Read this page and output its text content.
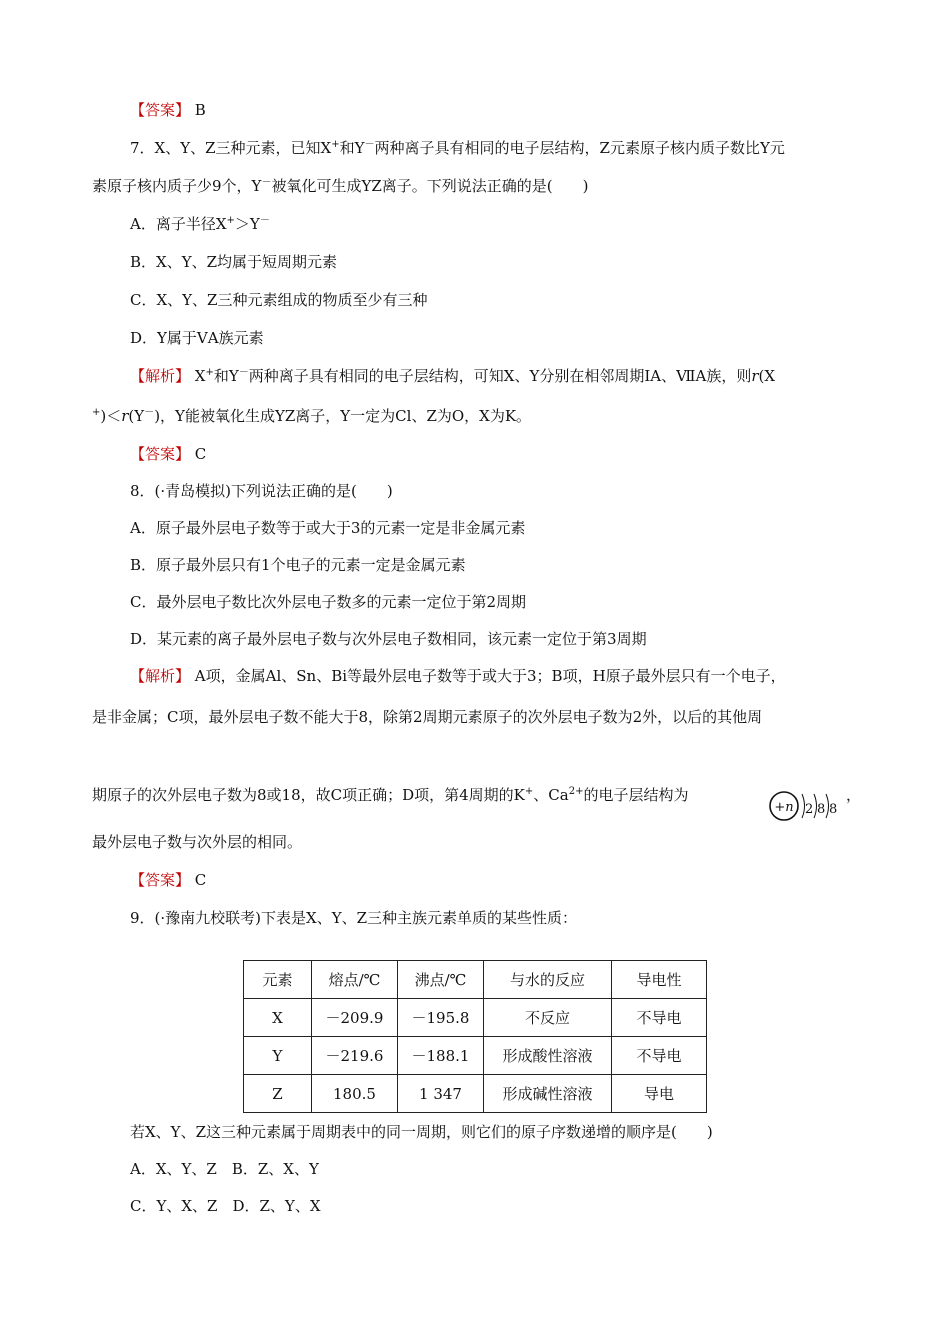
【答案】 B
7．X、Y、Z三种元素，已知X+和Y－两种离子具有相同的电子层结构，Z元素原子核内质子数比Y元
素原子核内质子少9个，Y－被氧化可生成YZ离子。下列说法正确的是(　　)
A．离子半径X+＞Y－
B．X、Y、Z均属于短周期元素
C．X、Y、Z三种元素组成的物质至少有三种
D．Y属于ⅤA族元素
【解析】 X+和Y－两种离子具有相同的电子层结构，可知X、Y分别在相邻周期ⅠA、ⅦA族，则r(X
+)＜r(Y－)，Y能被氧化生成YZ离子，Y一定为Cl、Z为O，X为K。
【答案】 C
8．(·青岛模拟)下列说法正确的是(　　)
A．原子最外层电子数等于或大于3的元素一定是非金属元素
B．原子最外层只有1个电子的元素一定是金属元素
C．最外层电子数比次外层电子数多的元素一定位于第2周期
D．某元素的离子最外层电子数与次外层电子数相同，该元素一定位于第3周期
【解析】 A项，金属Al、Sn、Bi等最外层电子数等于或大于3；B项，H原子最外层只有一个电子，
是非金属；C项，最外层电子数不能大于8，除第2周期元素原子的次外层电子数为2外，以后的其他周
期原子的次外层电子数为8或18，故C项正确；D项，第4周期的K+、$Ca^{2+}$的电子层结构为
+n 2 8 8
，
最外层电子数与次外层的相同。
【答案】 C
9．(·豫南九校联考)下表是X、Y、Z三种主族元素单质的某些性质：
元素	熔点/℃	沸点/℃	与水的反应	导电性
X	－209.9	－195.8	不反应	不导电
Y	－219.6	－188.1	形成酸性溶液	不导电
Z	180.5	1 347	形成碱性溶液	导电
若X、Y、Z这三种元素属于周期表中的同一周期，则它们的原子序数递增的顺序是(　　)
A．X、Y、Z　B．Z、X、Y
C．Y、X、Z　D．Z、Y、X
